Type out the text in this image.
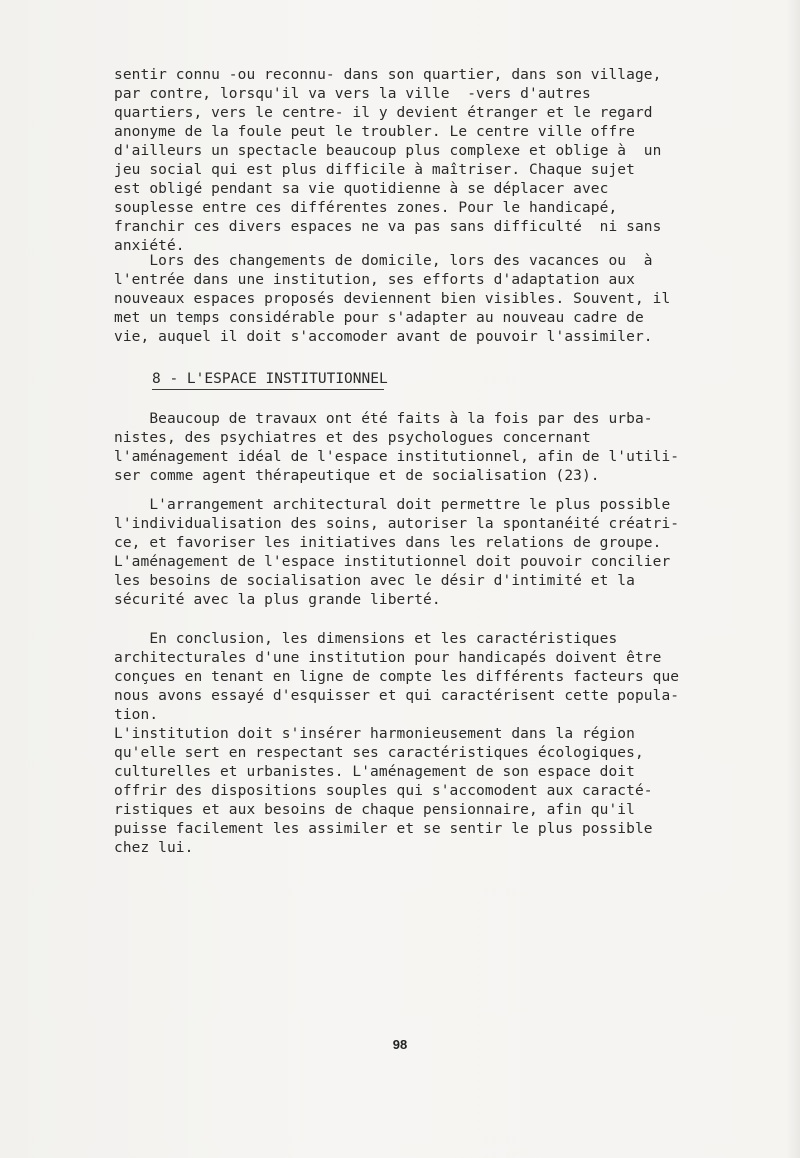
sentir connu -ou reconnu- dans son quartier, dans son village,
par contre, lorsqu'il va vers la ville  -vers d'autres
quartiers, vers le centre- il y devient étranger et le regard
anonyme de la foule peut le troubler. Le centre ville offre
d'ailleurs un spectacle beaucoup plus complexe et oblige à  un
jeu social qui est plus difficile à maîtriser. Chaque sujet
est obligé pendant sa vie quotidienne à se déplacer avec
souplesse entre ces différentes zones. Pour le handicapé,
franchir ces divers espaces ne va pas sans difficulté  ni sans
anxiété.
Lors des changements de domicile, lors des vacances ou  à
l'entrée dans une institution, ses efforts d'adaptation aux
nouveaux espaces proposés deviennent bien visibles. Souvent, il
met un temps considérable pour s'adapter au nouveau cadre de
vie, auquel il doit s'accomoder avant de pouvoir l'assimiler.
8 - L'ESPACE INSTITUTIONNEL
Beaucoup de travaux ont été faits à la fois par des urba-
nistes, des psychiatres et des psychologues concernant
l'aménagement idéal de l'espace institutionnel, afin de l'utili-
ser comme agent thérapeutique et de socialisation (23).
L'arrangement architectural doit permettre le plus possible
l'individualisation des soins, autoriser la spontanéité créatri-
ce, et favoriser les initiatives dans les relations de groupe.
L'aménagement de l'espace institutionnel doit pouvoir concilier
les besoins de socialisation avec le désir d'intimité et la
sécurité avec la plus grande liberté.
En conclusion, les dimensions et les caractéristiques
architecturales d'une institution pour handicapés doivent être
conçues en tenant en ligne de compte les différents facteurs que
nous avons essayé d'esquisser et qui caractérisent cette popula-
tion.
L'institution doit s'insérer harmonieusement dans la région
qu'elle sert en respectant ses caractéristiques écologiques,
culturelles et urbanistes. L'aménagement de son espace doit
offrir des dispositions souples qui s'accomodent aux caracté-
ristiques et aux besoins de chaque pensionnaire, afin qu'il
puisse facilement les assimiler et se sentir le plus possible
chez lui.
98
